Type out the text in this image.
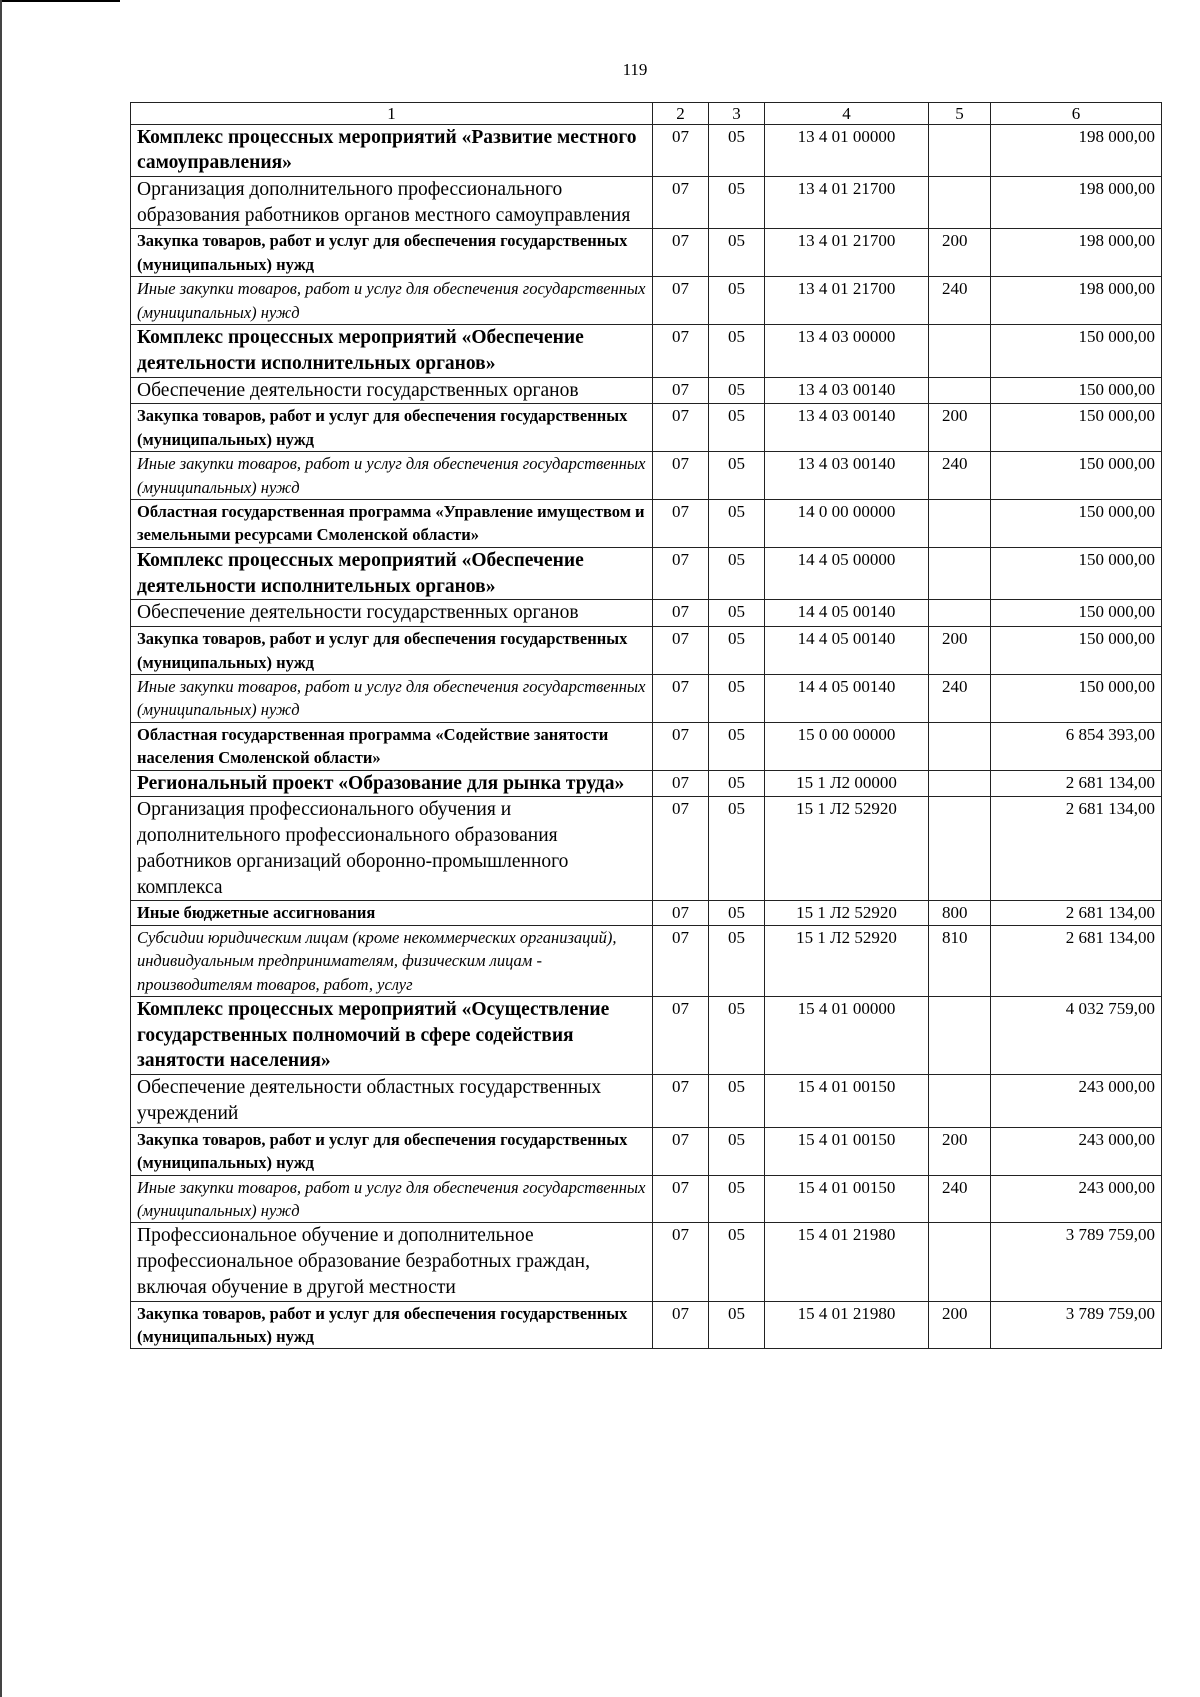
119
1	2	3	4	5	6
Комплекс процессных мероприятий «Развитие местного самоуправления»	07	05	13 4 01 00000		198 000,00
Организация дополнительного профессионального образования работников органов местного самоуправления	07	05	13 4 01 21700		198 000,00
Закупка товаров, работ и услуг для обеспечения государственных (муниципальных) нужд	07	05	13 4 01 21700	200	198 000,00
Иные закупки товаров, работ и услуг для обеспечения государственных (муниципальных) нужд	07	05	13 4 01 21700	240	198 000,00
Комплекс процессных мероприятий «Обеспечение деятельности исполнительных органов»	07	05	13 4 03 00000		150 000,00
Обеспечение деятельности государственных органов	07	05	13 4 03 00140		150 000,00
Закупка товаров, работ и услуг для обеспечения государственных (муниципальных) нужд	07	05	13 4 03 00140	200	150 000,00
Иные закупки товаров, работ и услуг для обеспечения государственных (муниципальных) нужд	07	05	13 4 03 00140	240	150 000,00
Областная государственная программа «Управление имуществом и земельными ресурсами Смоленской области»	07	05	14 0 00 00000		150 000,00
Комплекс процессных мероприятий «Обеспечение деятельности исполнительных органов»	07	05	14 4 05 00000		150 000,00
Обеспечение деятельности государственных органов	07	05	14 4 05 00140		150 000,00
Закупка товаров, работ и услуг для обеспечения государственных (муниципальных) нужд	07	05	14 4 05 00140	200	150 000,00
Иные закупки товаров, работ и услуг для обеспечения государственных (муниципальных) нужд	07	05	14 4 05 00140	240	150 000,00
Областная государственная программа «Содействие занятости населения Смоленской области»	07	05	15 0 00 00000		6 854 393,00
Региональный проект «Образование для рынка труда»	07	05	15 1 Л2 00000		2 681 134,00
Организация профессионального обучения и дополнительного профессионального образования работников организаций оборонно-промышленного комплекса	07	05	15 1 Л2 52920		2 681 134,00
Иные бюджетные ассигнования	07	05	15 1 Л2 52920	800	2 681 134,00
Субсидии юридическим лицам (кроме некоммерческих организаций), индивидуальным предпринимателям, физическим лицам - производителям товаров, работ, услуг	07	05	15 1 Л2 52920	810	2 681 134,00
Комплекс процессных мероприятий «Осуществление государственных полномочий в сфере содействия занятости населения»	07	05	15 4 01 00000		4 032 759,00
Обеспечение деятельности областных государственных учреждений	07	05	15 4 01 00150		243 000,00
Закупка товаров, работ и услуг для обеспечения государственных (муниципальных) нужд	07	05	15 4 01 00150	200	243 000,00
Иные закупки товаров, работ и услуг для обеспечения государственных (муниципальных) нужд	07	05	15 4 01 00150	240	243 000,00
Профессиональное обучение и дополнительное профессиональное образование безработных граждан, включая обучение в другой местности	07	05	15 4 01 21980		3 789 759,00
Закупка товаров, работ и услуг для обеспечения государственных (муниципальных) нужд	07	05	15 4 01 21980	200	3 789 759,00
